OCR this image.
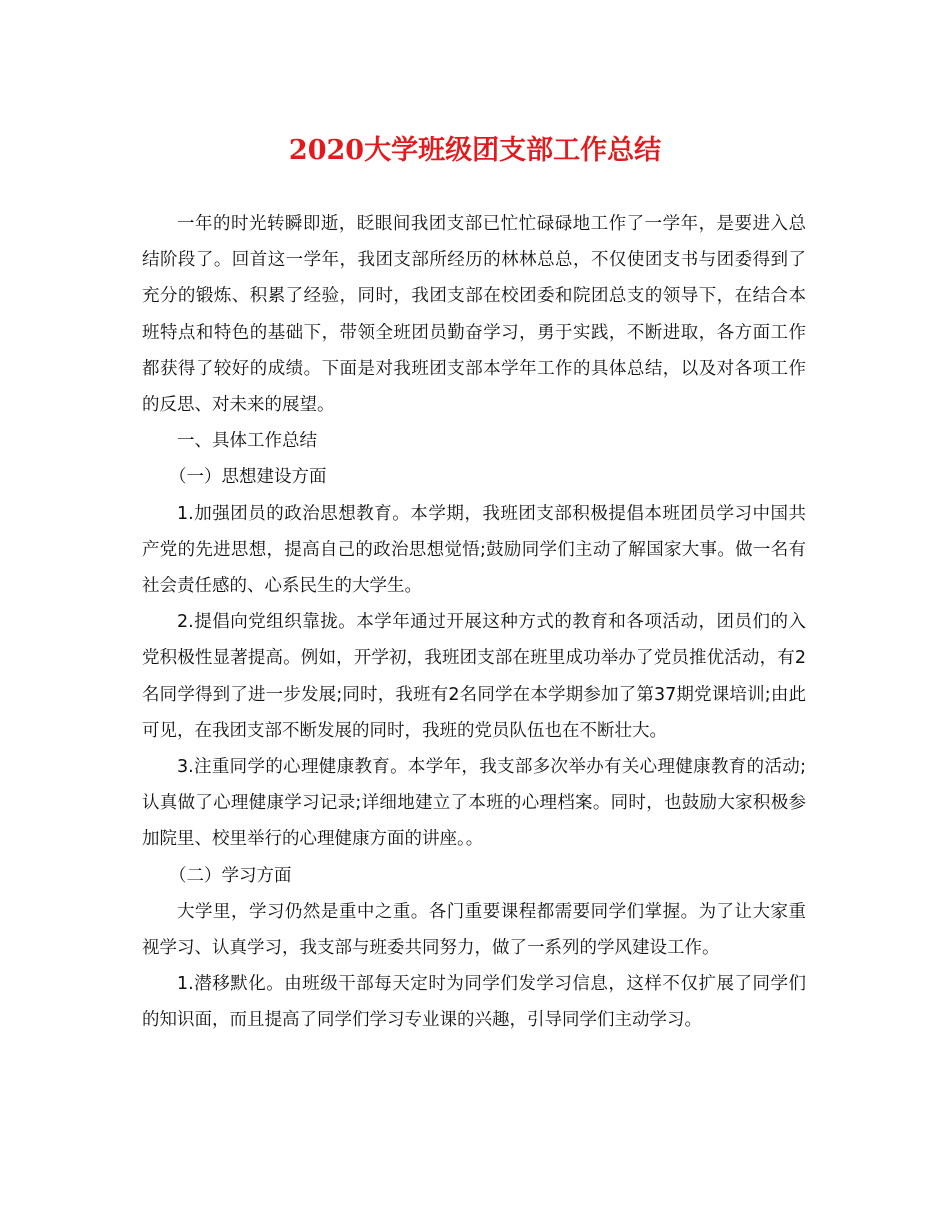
2020大学班级团支部工作总结

一年的时光转瞬即逝，眨眼间我团支部已忙忙碌碌地工作了一学年，是要进入总结阶段了。回首这一学年，我团支部所经历的林林总总，不仅使团支书与团委得到了充分的锻炼、积累了经验，同时，我团支部在校团委和院团总支的领导下，在结合本班特点和特色的基础下，带领全班团员勤奋学习，勇于实践，不断进取，各方面工作都获得了较好的成绩。下面是对我班团支部本学年工作的具体总结，以及对各项工作的反思、对未来的展望。

一、具体工作总结

（一）思想建设方面

1.加强团员的政治思想教育。本学期，我班团支部积极提倡本班团员学习中国共产党的先进思想，提高自己的政治思想觉悟;鼓励同学们主动了解国家大事。做一名有社会责任感的、心系民生的大学生。

2.提倡向党组织靠拢。本学年通过开展这种方式的教育和各项活动，团员们的入党积极性显著提高。例如，开学初，我班团支部在班里成功举办了党员推优活动，有2名同学得到了进一步发展;同时，我班有2名同学在本学期参加了第37期党课培训;由此可见，在我团支部不断发展的同时，我班的党员队伍也在不断壮大。

3.注重同学的心理健康教育。本学年，我支部多次举办有关心理健康教育的活动;认真做了心理健康学习记录;详细地建立了本班的心理档案。同时，也鼓励大家积极参加院里、校里举行的心理健康方面的讲座。。

（二）学习方面

大学里，学习仍然是重中之重。各门重要课程都需要同学们掌握。为了让大家重视学习、认真学习，我支部与班委共同努力，做了一系列的学风建设工作。

1.潜移默化。由班级干部每天定时为同学们发学习信息，这样不仅扩展了同学们的知识面，而且提高了同学们学习专业课的兴趣，引导同学们主动学习。
